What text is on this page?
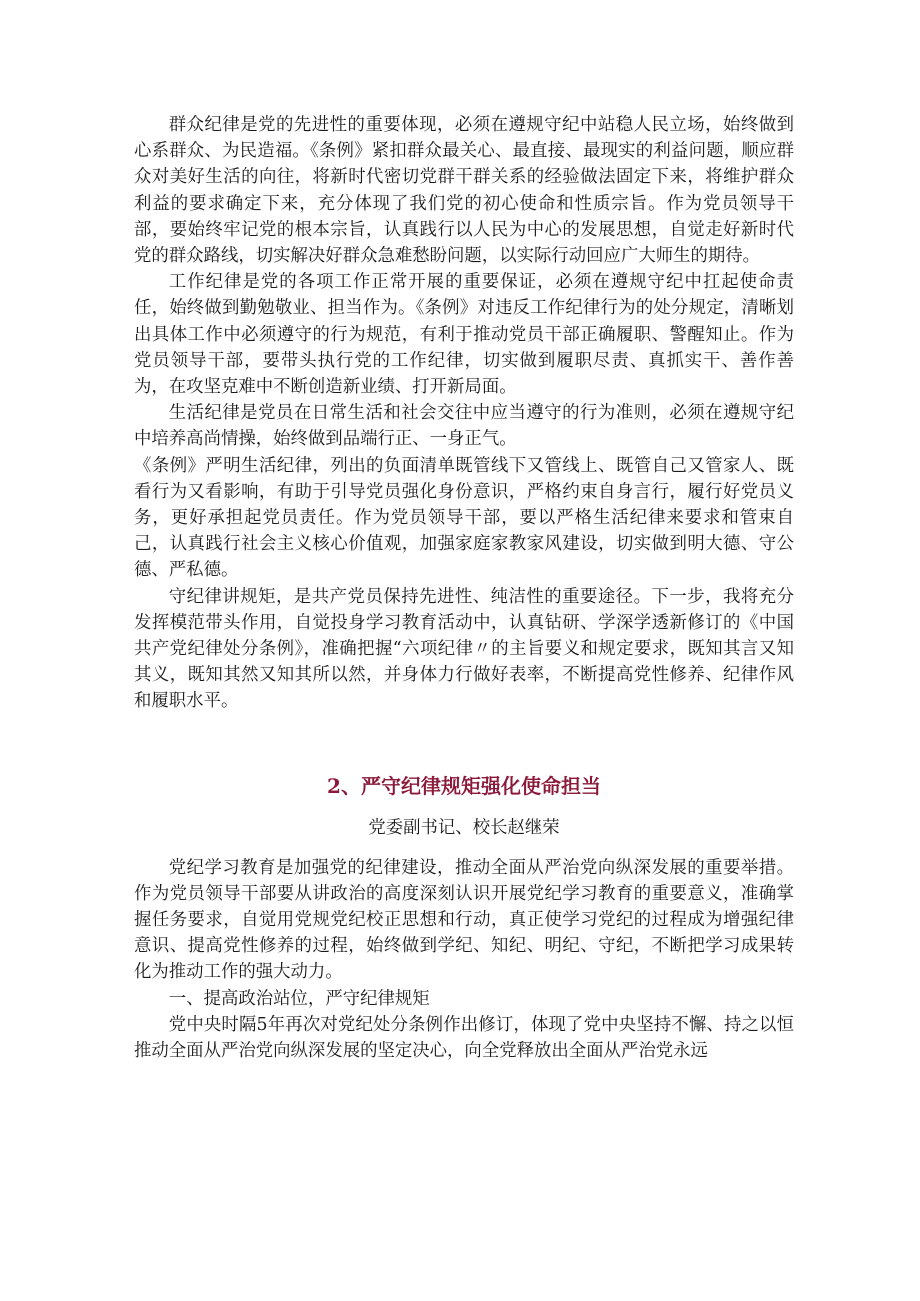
群众纪律是党的先进性的重要体现，必须在遵规守纪中站稳人民立场，始终做到心系群众、为民造福。《条例》紧扣群众最关心、最直接、最现实的利益问题，顺应群众对美好生活的向往，将新时代密切党群干群关系的经验做法固定下来，将维护群众利益的要求确定下来，充分体现了我们党的初心使命和性质宗旨。作为党员领导干部，要始终牢记党的根本宗旨，认真践行以人民为中心的发展思想，自觉走好新时代党的群众路线，切实解决好群众急难愁盼问题，以实际行动回应广大师生的期待。

工作纪律是党的各项工作正常开展的重要保证，必须在遵规守纪中扛起使命责任，始终做到勤勉敬业、担当作为。《条例》对违反工作纪律行为的处分规定，清晰划出具体工作中必须遵守的行为规范，有利于推动党员干部正确履职、警醒知止。作为党员领导干部，要带头执行党的工作纪律，切实做到履职尽责、真抓实干、善作善为，在攻坚克难中不断创造新业绩、打开新局面。

生活纪律是党员在日常生活和社会交往中应当遵守的行为准则，必须在遵规守纪中培养高尚情操，始终做到品端行正、一身正气。

《条例》严明生活纪律，列出的负面清单既管线下又管线上、既管自己又管家人、既看行为又看影响，有助于引导党员强化身份意识，严格约束自身言行，履行好党员义务，更好承担起党员责任。作为党员领导干部，要以严格生活纪律来要求和管束自己，认真践行社会主义核心价值观，加强家庭家教家风建设，切实做到明大德、守公德、严私德。

守纪律讲规矩，是共产党员保持先进性、纯洁性的重要途径。下一步，我将充分发挥模范带头作用，自觉投身学习教育活动中，认真钻研、学深学透新修订的《中国共产党纪律处分条例》，准确把握“六项纪律〃的主旨要义和规定要求，既知其言又知其义，既知其然又知其所以然，并身体力行做好表率，不断提高党性修养、纪律作风和履职水平。

2、严守纪律规矩强化使命担当

党委副书记、校长赵继荣

党纪学习教育是加强党的纪律建设，推动全面从严治党向纵深发展的重要举措。作为党员领导干部要从讲政治的高度深刻认识开展党纪学习教育的重要意义，准确掌握任务要求，自觉用党规党纪校正思想和行动，真正使学习党纪的过程成为增强纪律意识、提高党性修养的过程，始终做到学纪、知纪、明纪、守纪，不断把学习成果转化为推动工作的强大动力。

一、提高政治站位，严守纪律规矩

党中央时隔5年再次对党纪处分条例作出修订，体现了党中央坚持不懈、持之以恒推动全面从严治党向纵深发展的坚定决心，向全党释放出全面从严治党永远
